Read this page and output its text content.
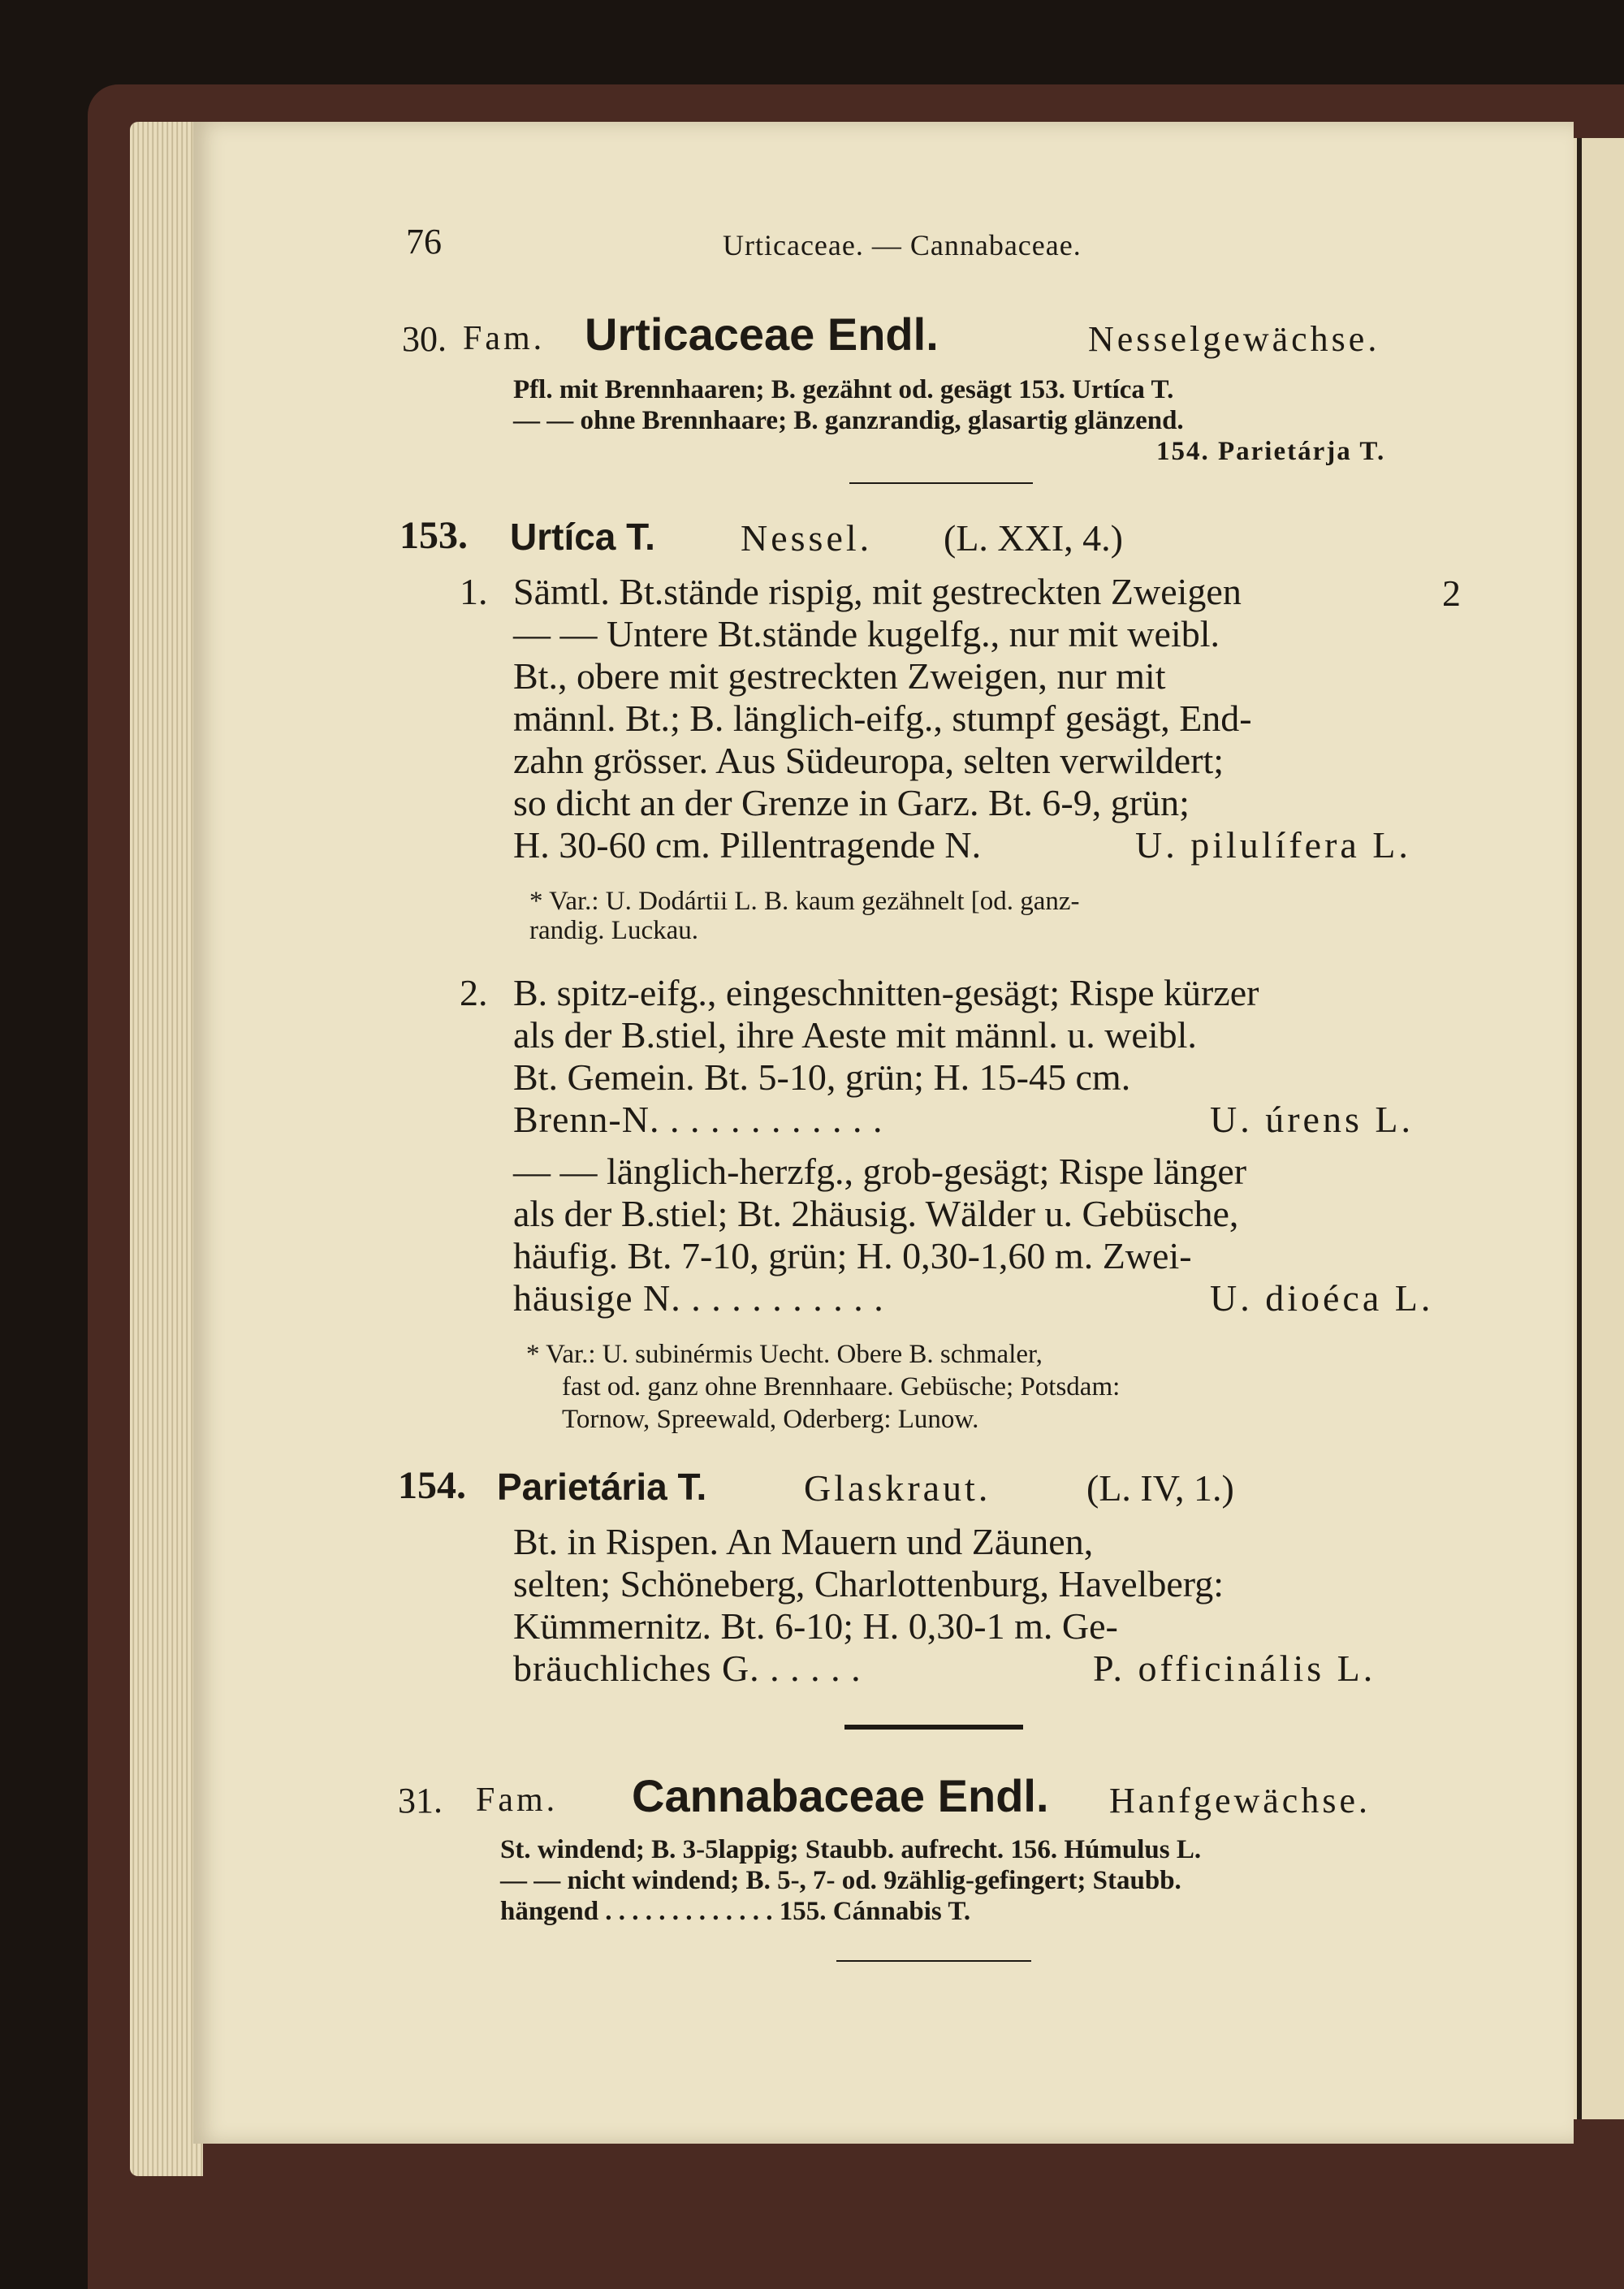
76	Urticaceae. — Cannabaceae.
30. Fam. Urticaceae Endl.	Nesselgewächse.
Pfl. mit Brennhaaren; B. gezähnt od. gesägt 153. Urtíca T.
— — ohne Brennhaare; B. ganzrandig, glasartig glänzend.
154. Parietárja T.
153. Urtíca T. Nessel. (L. XXI, 4.)
1. Sämtl. Bt.stände rispig, mit gestreckten Zweigen	2
— — Untere Bt.stände kugelfg., nur mit weibl.
Bt., obere mit gestreckten Zweigen, nur mit
männl. Bt.; B. länglich-eifg., stumpf gesägt, End-
zahn grösser. Aus Südeuropa, selten verwildert;
so dicht an der Grenze in Garz. Bt. 6-9, grün;
H. 30-60 cm. Pillentragende N.	U. pilulífera L.
* Var.: U. Dodártii L. B. kaum gezähnelt [od. ganz-
randig. Luckau.
2. B. spitz-eifg., eingeschnitten-gesägt; Rispe kürzer
als der B.stiel, ihre Aeste mit männl. u. weibl.
Bt. Gemein. Bt. 5-10, grün; H. 15-45 cm.
Brenn-N. . . . . . . . . . . .	U. úrens L.
— — länglich-herzfg., grob-gesägt; Rispe länger
als der B.stiel; Bt. 2häusig. Wälder u. Gebüsche,
häufig. Bt. 7-10, grün; H. 0,30-1,60 m. Zwei-
häusige N. . . . . . . . . . .	U. dioéca L.
* Var.: U. subinérmis Uecht. Obere B. schmaler,
fast od. ganz ohne Brennhaare. Gebüsche; Potsdam:
Tornow, Spreewald, Oderberg: Lunow.
154. Parietária T.	Glaskraut.	(L. IV, 1.)
Bt. in Rispen. An Mauern und Zäunen,
selten; Schöneberg, Charlottenburg, Havelberg:
Kümmernitz. Bt. 6-10; H. 0,30-1 m. Ge-
bräuchliches G. . . . . .	P. officinális L.
31. Fam. Cannabaceae Endl. Hanfgewächse.
St. windend; B. 3-5lappig; Staubb. aufrecht. 156. Húmulus L.
— — nicht windend; B. 5-, 7- od. 9zählig-gefingert; Staubb.
hängend . . . . . . . . . . . . . 155. Cánnabis T.
